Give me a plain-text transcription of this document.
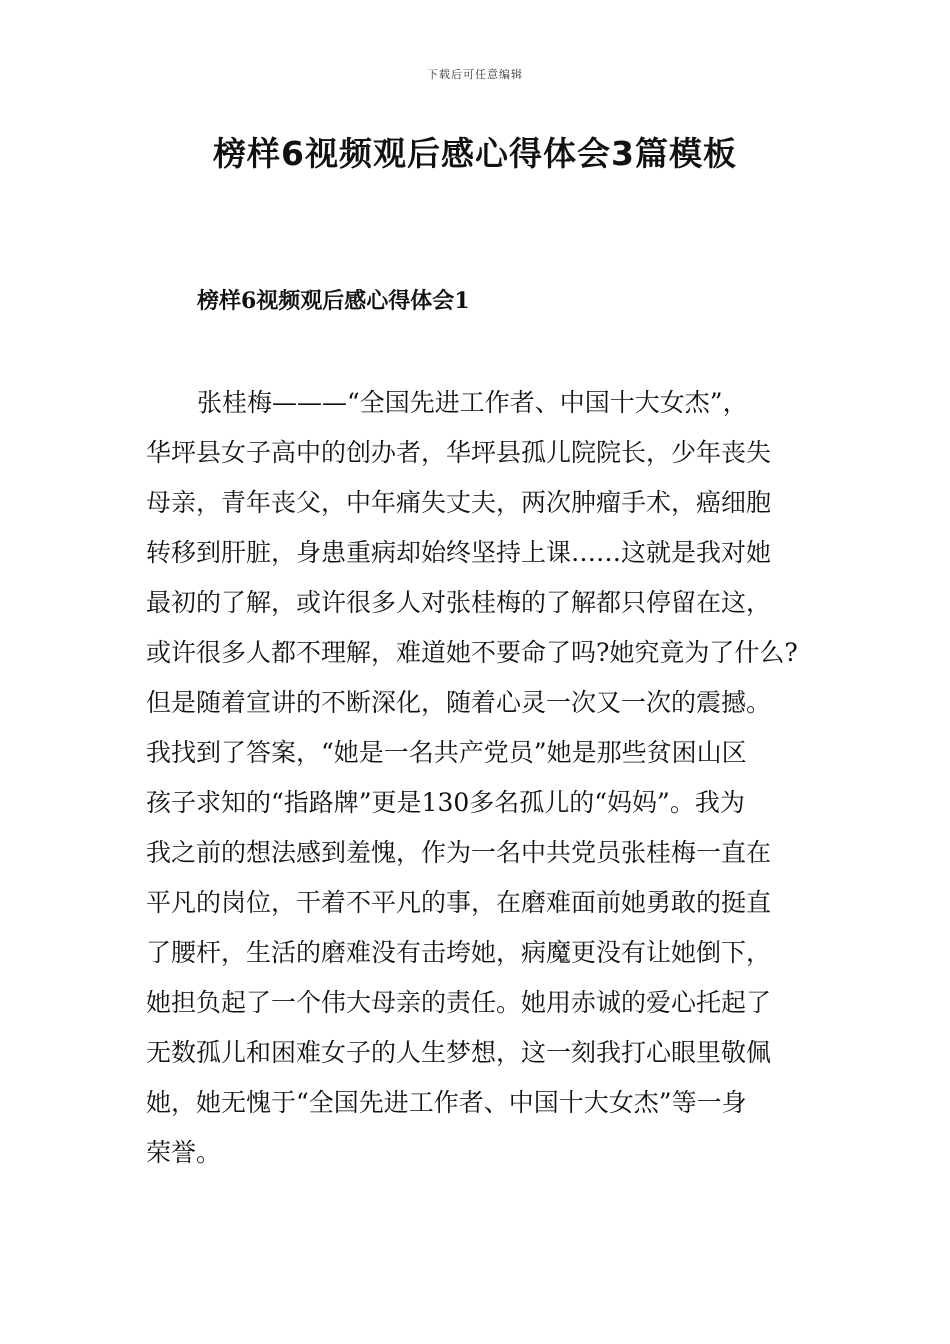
下载后可任意编辑
榜样6视频观后感心得体会3篇模板
榜样6视频观后感心得体会1
张桂梅———“全国先进工作者、中国十大女杰”，
华坪县女子高中的创办者，华坪县孤儿院院长，少年丧失
母亲，青年丧父，中年痛失丈夫，两次肿瘤手术，癌细胞
转移到肝脏，身患重病却始终坚持上课……这就是我对她
最初的了解，或许很多人对张桂梅的了解都只停留在这，
或许很多人都不理解，难道她不要命了吗?她究竟为了什么?
但是随着宣讲的不断深化，随着心灵一次又一次的震撼。
我找到了答案，“她是一名共产党员”她是那些贫困山区
孩子求知的“指路牌”更是130多名孤儿的“妈妈”。我为
我之前的想法感到羞愧，作为一名中共党员张桂梅一直在
平凡的岗位，干着不平凡的事，在磨难面前她勇敢的挺直
了腰杆，生活的磨难没有击垮她，病魔更没有让她倒下，
她担负起了一个伟大母亲的责任。她用赤诚的爱心托起了
无数孤儿和困难女子的人生梦想，这一刻我打心眼里敬佩
她，她无愧于“全国先进工作者、中国十大女杰”等一身
荣誉。
